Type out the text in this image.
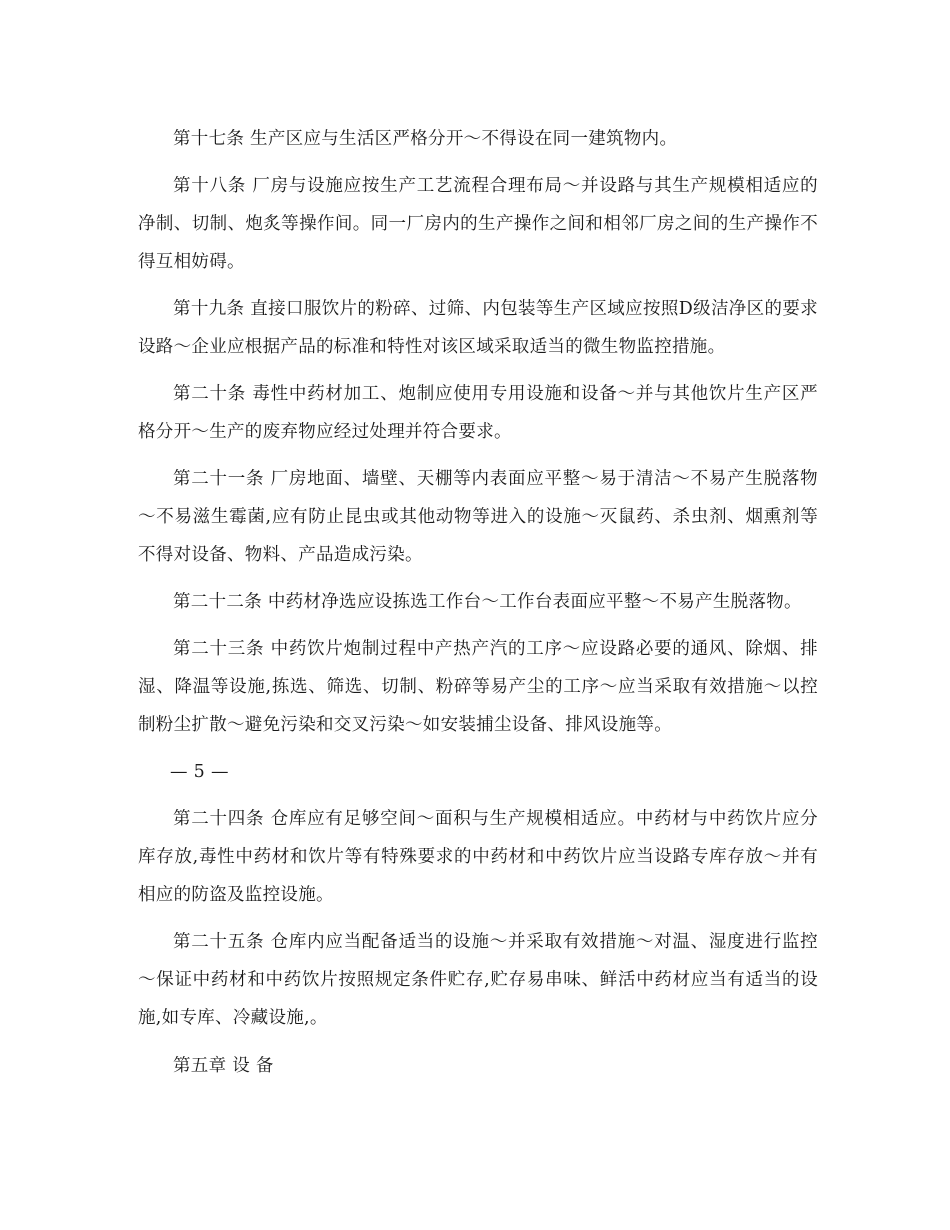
第十七条 生产区应与生活区严格分开～不得设在同一建筑物内。

第十八条 厂房与设施应按生产工艺流程合理布局～并设路与其生产规模相适应的净制、切制、炮炙等操作间。同一厂房内的生产操作之间和相邻厂房之间的生产操作不得互相妨碍。

第十九条 直接口服饮片的粉碎、过筛、内包装等生产区域应按照D级洁净区的要求设路～企业应根据产品的标准和特性对该区域采取适当的微生物监控措施。

第二十条 毒性中药材加工、炮制应使用专用设施和设备～并与其他饮片生产区严格分开～生产的废弃物应经过处理并符合要求。

第二十一条 厂房地面、墙壁、天棚等内表面应平整～易于清洁～不易产生脱落物～不易滋生霉菌,应有防止昆虫或其他动物等进入的设施～灭鼠药、杀虫剂、烟熏剂等不得对设备、物料、产品造成污染。

第二十二条 中药材净选应设拣选工作台～工作台表面应平整～不易产生脱落物。

第二十三条 中药饮片炮制过程中产热产汽的工序～应设路必要的通风、除烟、排湿、降温等设施,拣选、筛选、切制、粉碎等易产尘的工序～应当采取有效措施～以控制粉尘扩散～避免污染和交叉污染～如安装捕尘设备、排风设施等。

— 5 —

第二十四条 仓库应有足够空间～面积与生产规模相适应。中药材与中药饮片应分库存放,毒性中药材和饮片等有特殊要求的中药材和中药饮片应当设路专库存放～并有相应的防盗及监控设施。

第二十五条 仓库内应当配备适当的设施～并采取有效措施～对温、湿度进行监控～保证中药材和中药饮片按照规定条件贮存,贮存易串味、鲜活中药材应当有适当的设施,如专库、冷藏设施,。

第五章 设 备
